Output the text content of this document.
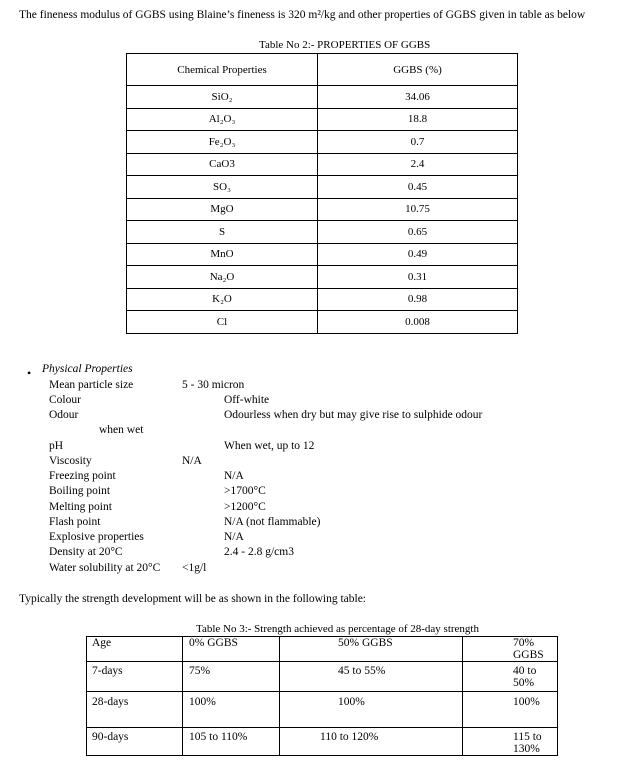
The fineness modulus of GGBS using Blaine’s fineness is 320 m²/kg and other properties of GGBS given in table as below
Table No 2:- PROPERTIES OF GGBS
Chemical Properties	GGBS (%)
SiO₂	34.06
Al₂O₃	18.8
Fe₂O₃	0.7
CaO3	2.4
SO₃	0.45
MgO	10.75
S	0.65
MnO	0.49
Na₂O	0.31
K₂O	0.98
Cl	0.008
• Physical Properties
Mean particle size	5 - 30 micron
Colour	Off-white
Odour	Odourless when dry but may give rise to sulphide odour
when wet
pH	When wet, up to 12
Viscosity	N/A
Freezing point	N/A
Boiling point	>1700°C
Melting point	>1200°C
Flash point	N/A (not flammable)
Explosive properties	N/A
Density at 20°C	2.4 - 2.8 g/cm3
Water solubility at 20°C <1g/l
Typically the strength development will be as shown in the following table:
Table No 3:- Strength achieved as percentage of 28-day strength
Age	0% GGBS	50% GGBS	70% GGBS
7-days	75%	45 to 55%	40 to 50%
28-days	100%	100%	100%
90-days	105 to 110%	110 to 120%	115 to 130%
